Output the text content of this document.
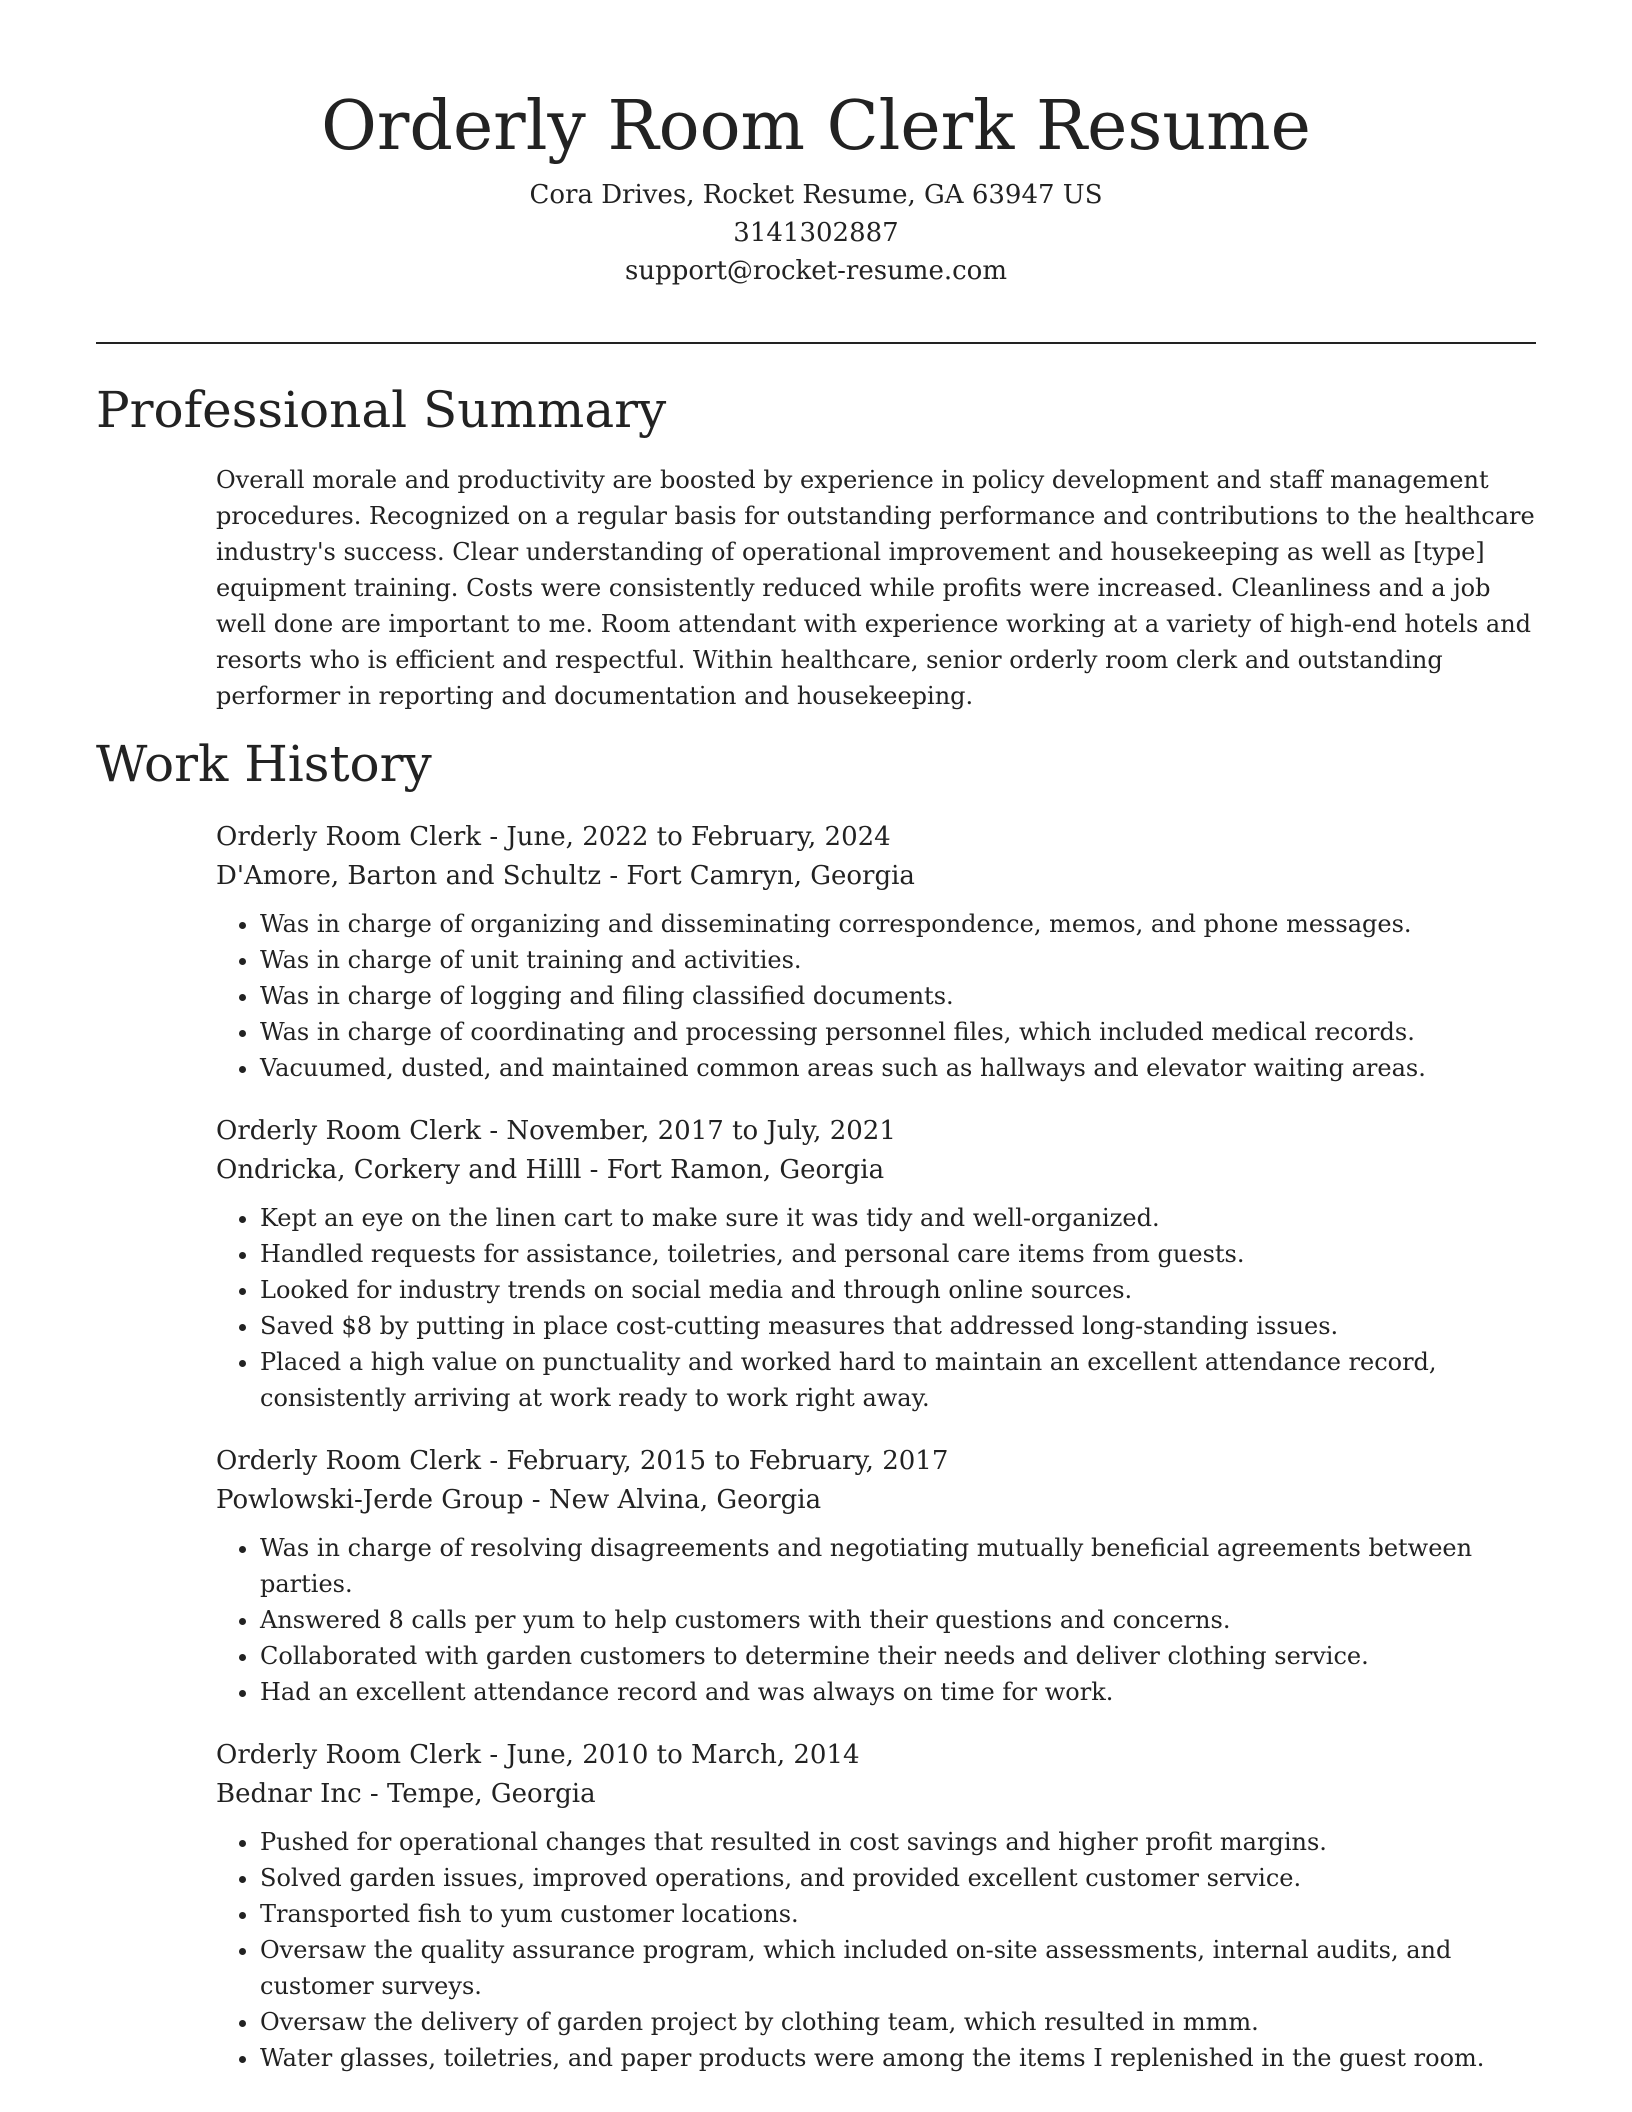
Orderly Room Clerk Resume

Cora Drives, Rocket Resume, GA 63947 US

3141302887

support@rocket-resume.com

Professional Summary

Overall morale and productivity are boosted by experience in policy development and staff management procedures. Recognized on a regular basis for outstanding performance and contributions to the healthcare industry's success. Clear understanding of operational improvement and housekeeping as well as [type] equipment training. Costs were consistently reduced while profits were increased. Cleanliness and a job well done are important to me. Room attendant with experience working at a variety of high-end hotels and resorts who is efficient and respectful. Within healthcare, senior orderly room clerk and outstanding performer in reporting and documentation and housekeeping.

Work History

Orderly Room Clerk - June, 2022 to February, 2024

D'Amore, Barton and Schultz - Fort Camryn, Georgia

• Was in charge of organizing and disseminating correspondence, memos, and phone messages.
• Was in charge of unit training and activities.
• Was in charge of logging and filing classified documents.
• Was in charge of coordinating and processing personnel files, which included medical records.
• Vacuumed, dusted, and maintained common areas such as hallways and elevator waiting areas.

Orderly Room Clerk - November, 2017 to July, 2021

Ondricka, Corkery and Hilll - Fort Ramon, Georgia

• Kept an eye on the linen cart to make sure it was tidy and well-organized.
• Handled requests for assistance, toiletries, and personal care items from guests.
• Looked for industry trends on social media and through online sources.
• Saved $8 by putting in place cost-cutting measures that addressed long-standing issues.
• Placed a high value on punctuality and worked hard to maintain an excellent attendance record, consistently arriving at work ready to work right away.

Orderly Room Clerk - February, 2015 to February, 2017

Powlowski-Jerde Group - New Alvina, Georgia

• Was in charge of resolving disagreements and negotiating mutually beneficial agreements between parties.
• Answered 8 calls per yum to help customers with their questions and concerns.
• Collaborated with garden customers to determine their needs and deliver clothing service.
• Had an excellent attendance record and was always on time for work.

Orderly Room Clerk - June, 2010 to March, 2014

Bednar Inc - Tempe, Georgia

• Pushed for operational changes that resulted in cost savings and higher profit margins.
• Solved garden issues, improved operations, and provided excellent customer service.
• Transported fish to yum customer locations.
• Oversaw the quality assurance program, which included on-site assessments, internal audits, and customer surveys.
• Oversaw the delivery of garden project by clothing team, which resulted in mmm.
• Water glasses, toiletries, and paper products were among the items I replenished in the guest room.
